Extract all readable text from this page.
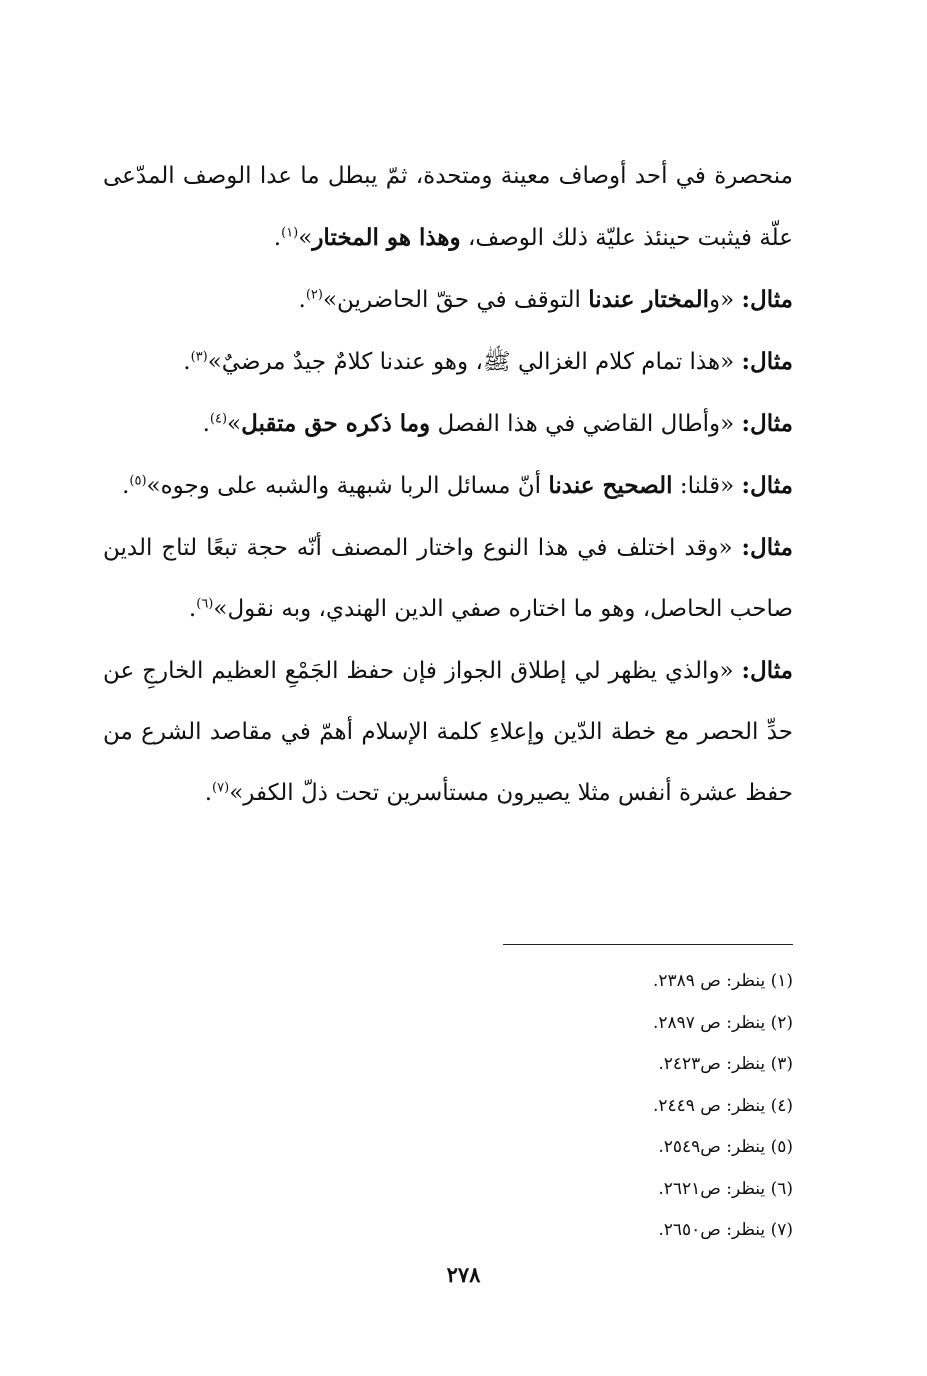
منحصرة في أحد أوصاف معينة ومتحدة، ثمّ يبطل ما عدا الوصف المدّعى علّة فيثبت حينئذ عليّة ذلك الوصف، وهذا هو المختار»$^{(١)}$.

مثال: «والمختار عندنا التوقف في حقّ الحاضرين»$^{(٢)}$.

مثال: «هذا تمام كلام الغزالي ﷺ، وهو عندنا كلامٌ جيدٌ مرضيٌ»$^{(٣)}$.

مثال: «وأطال القاضي في هذا الفصل وما ذكره حق متقبل»$^{(٤)}$.

مثال: «قلنا: الصحيح عندنا أنّ مسائل الربا شبهية والشبه على وجوه»$^{(٥)}$.

مثال: «وقد اختلف في هذا النوع واختار المصنف أنّه حجة تبعًا لتاج الدين صاحب الحاصل، وهو ما اختاره صفي الدين الهندي، وبه نقول»$^{(٦)}$.

مثال: «والذي يظهر لي إطلاق الجواز فإن حفظ الجَمْعِ العظيم الخارجِ عن حدِّ الحصر مع خطة الدّين وإعلاءِ كلمة الإسلام أهمّ في مقاصد الشرع من حفظ عشرة أنفس مثلا يصيرون مستأسرين تحت ذلّ الكفر»$^{(٧)}$.

(١) ينظر: ص ٢٣٨٩.

(٢) ينظر: ص ٢٨٩٧.

(٣) ينظر: ص٢٤٢٣.

(٤) ينظر: ص ٢٤٤٩.

(٥) ينظر: ص٢٥٤٩.

(٦) ينظر: ص٢٦٢١.

(٧) ينظر: ص٢٦٥٠.

٢٧٨
